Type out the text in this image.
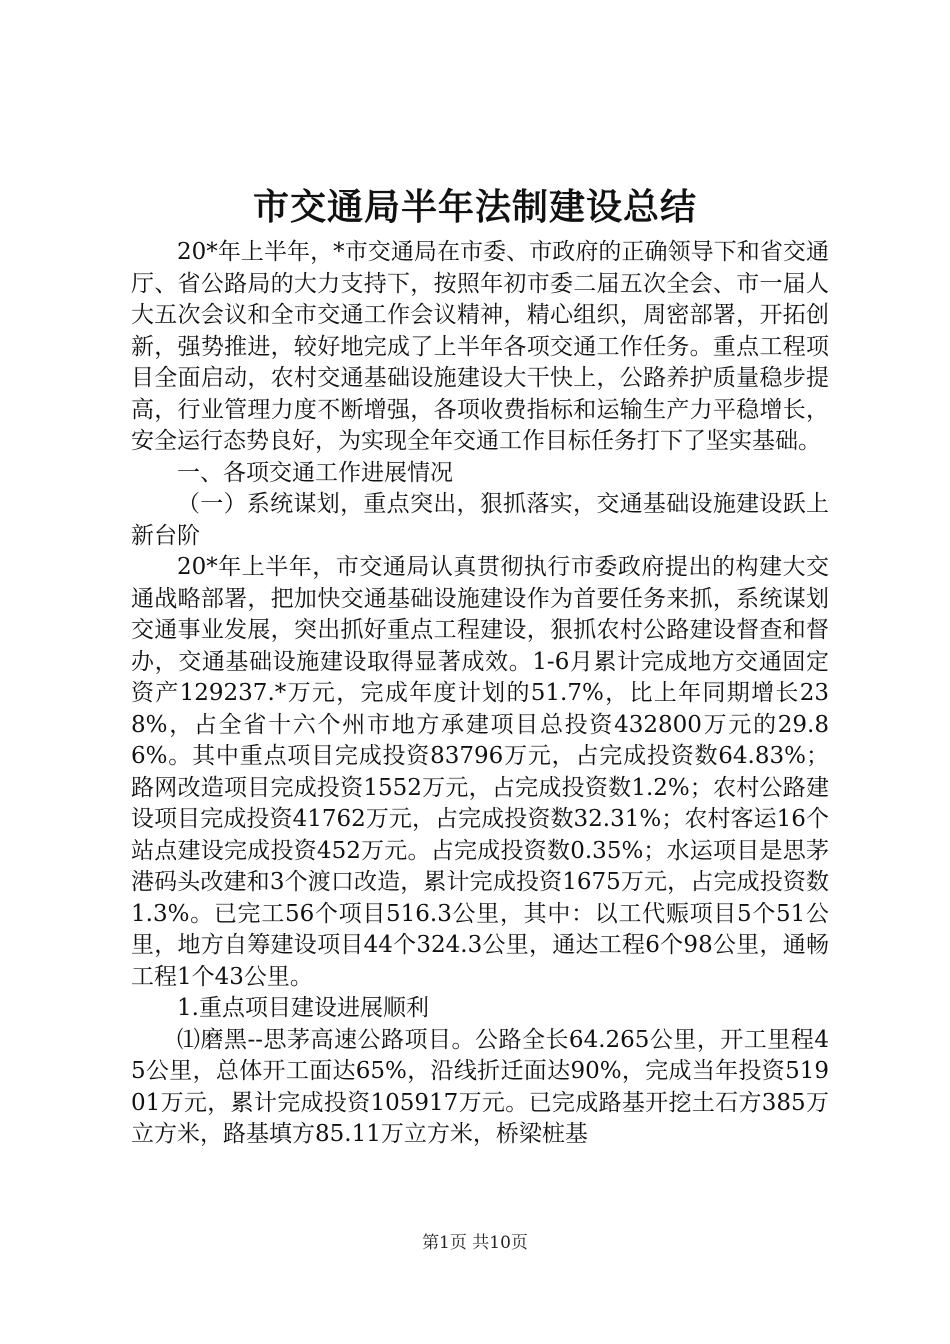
市交通局半年法制建设总结

20*年上半年，*市交通局在市委、市政府的正确领导下和省交通厅、省公路局的大力支持下，按照年初市委二届五次全会、市一届人大五次会议和全市交通工作会议精神，精心组织，周密部署，开拓创新，强势推进，较好地完成了上半年各项交通工作任务。重点工程项目全面启动，农村交通基础设施建设大干快上，公路养护质量稳步提高，行业管理力度不断增强，各项收费指标和运输生产力平稳增长，安全运行态势良好，为实现全年交通工作目标任务打下了坚实基础。

一、各项交通工作进展情况

（一）系统谋划，重点突出，狠抓落实，交通基础设施建设跃上新台阶

20*年上半年，市交通局认真贯彻执行市委政府提出的构建大交通战略部署，把加快交通基础设施建设作为首要任务来抓，系统谋划交通事业发展，突出抓好重点工程建设，狠抓农村公路建设督查和督办，交通基础设施建设取得显著成效。1-6月累计完成地方交通固定资产129237.*万元，完成年度计划的51.7%，比上年同期增长238%，占全省十六个州市地方承建项目总投资432800万元的29.86%。其中重点项目完成投资83796万元，占完成投资数64.83%；路网改造项目完成投资1552万元，占完成投资数1.2%；农村公路建设项目完成投资41762万元，占完成投资数32.31%；农村客运16个站点建设完成投资452万元。占完成投资数0.35%；水运项目是思茅港码头改建和3个渡口改造，累计完成投资1675万元，占完成投资数1.3%。已完工56个项目516.3公里，其中：以工代赈项目5个51公里，地方自筹建设项目44个324.3公里，通达工程6个98公里，通畅工程1个43公里。

1.重点项目建设进展顺利

⑴磨黑--思茅高速公路项目。公路全长64.265公里，开工里程45公里，总体开工面达65%，沿线折迁面达90%，完成当年投资51901万元，累计完成投资105917万元。已完成路基开挖土石方385万立方米，路基填方85.11万立方米，桥梁桩基

第1页 共10页
